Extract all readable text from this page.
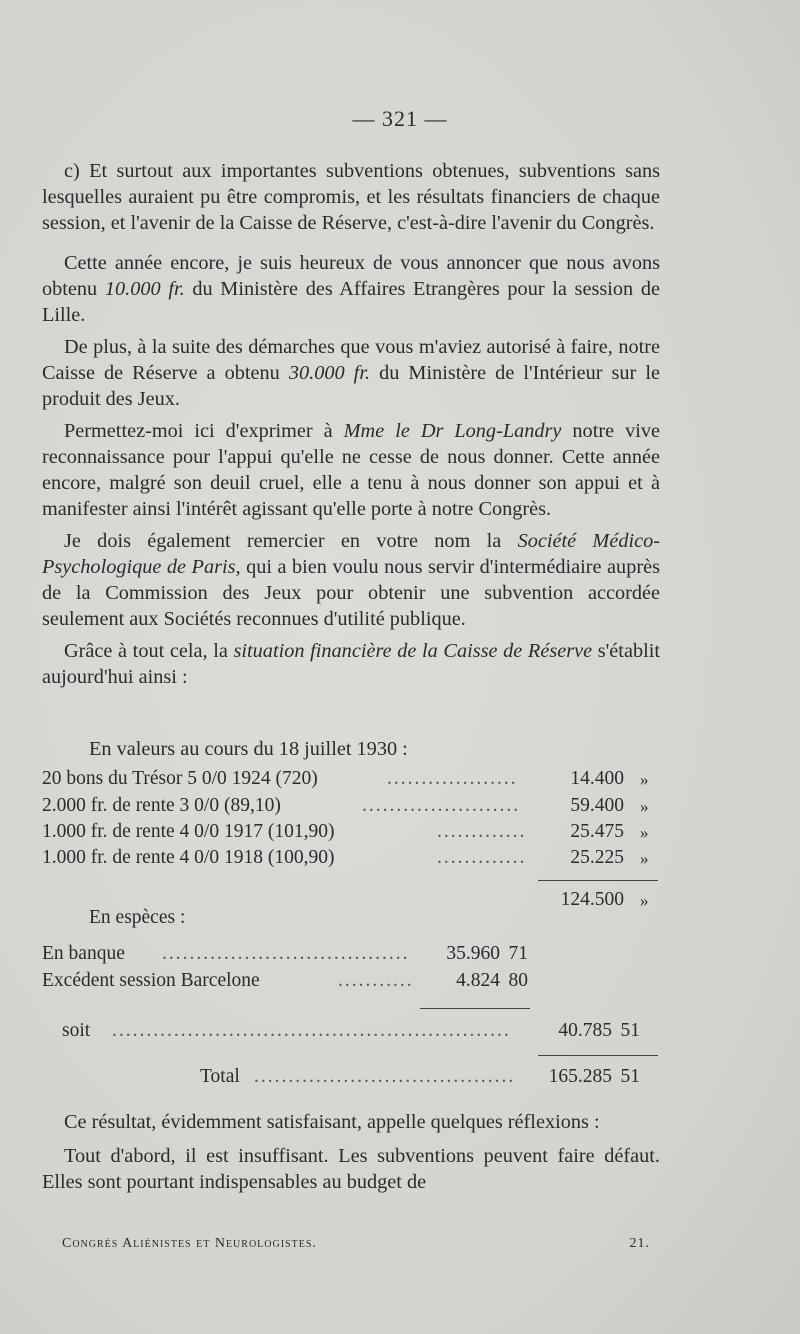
— 321 —

c) Et surtout aux importantes subventions obtenues, subventions sans lesquelles auraient pu être compromis, et les résultats financiers de chaque session, et l'avenir de la Caisse de Réserve, c'est-à-dire l'avenir du Congrès.

Cette année encore, je suis heureux de vous annoncer que nous avons obtenu 10.000 fr. du Ministère des Affaires Etrangères pour la session de Lille.

De plus, à la suite des démarches que vous m'aviez autorisé à faire, notre Caisse de Réserve a obtenu 30.000 fr. du Ministère de l'Intérieur sur le produit des Jeux.

Permettez-moi ici d'exprimer à Mme le Dr Long-Landry notre vive reconnaissance pour l'appui qu'elle ne cesse de nous donner. Cette année encore, malgré son deuil cruel, elle a tenu à nous donner son appui et à manifester ainsi l'intérêt agissant qu'elle porte à notre Congrès.

Je dois également remercier en votre nom la Société Médico-Psychologique de Paris, qui a bien voulu nous servir d'intermédiaire auprès de la Commission des Jeux pour obtenir une subvention accordée seulement aux Sociétés reconnues d'utilité publique.

Grâce à tout cela, la situation financière de la Caisse de Réserve s'établit aujourd'hui ainsi :

En valeurs au cours du 18 juillet 1930 :
20 bons du Trésor 5 0/0 1924 (720)	...................	14.400 »
2.000 fr. de rente 3 0/0 (89,10)	.......................	59.400 »
1.000 fr. de rente 4 0/0 1917 (101,90)	.............	25.475 »
1.000 fr. de rente 4 0/0 1918 (100,90)	.............	25.225 »
124.500 »
En espèces :
En banque ....................................	35.960 71
Excédent session Barcelone	...........	4.824 80
soit ..........................................................	40.785 51
Total ......................................	165.285 51

Ce résultat, évidemment satisfaisant, appelle quelques réflexions :

Tout d'abord, il est insuffisant. Les subventions peuvent faire défaut. Elles sont pourtant indispensables au budget de

Congrès Aliénistes et Neurologistes.	21.
